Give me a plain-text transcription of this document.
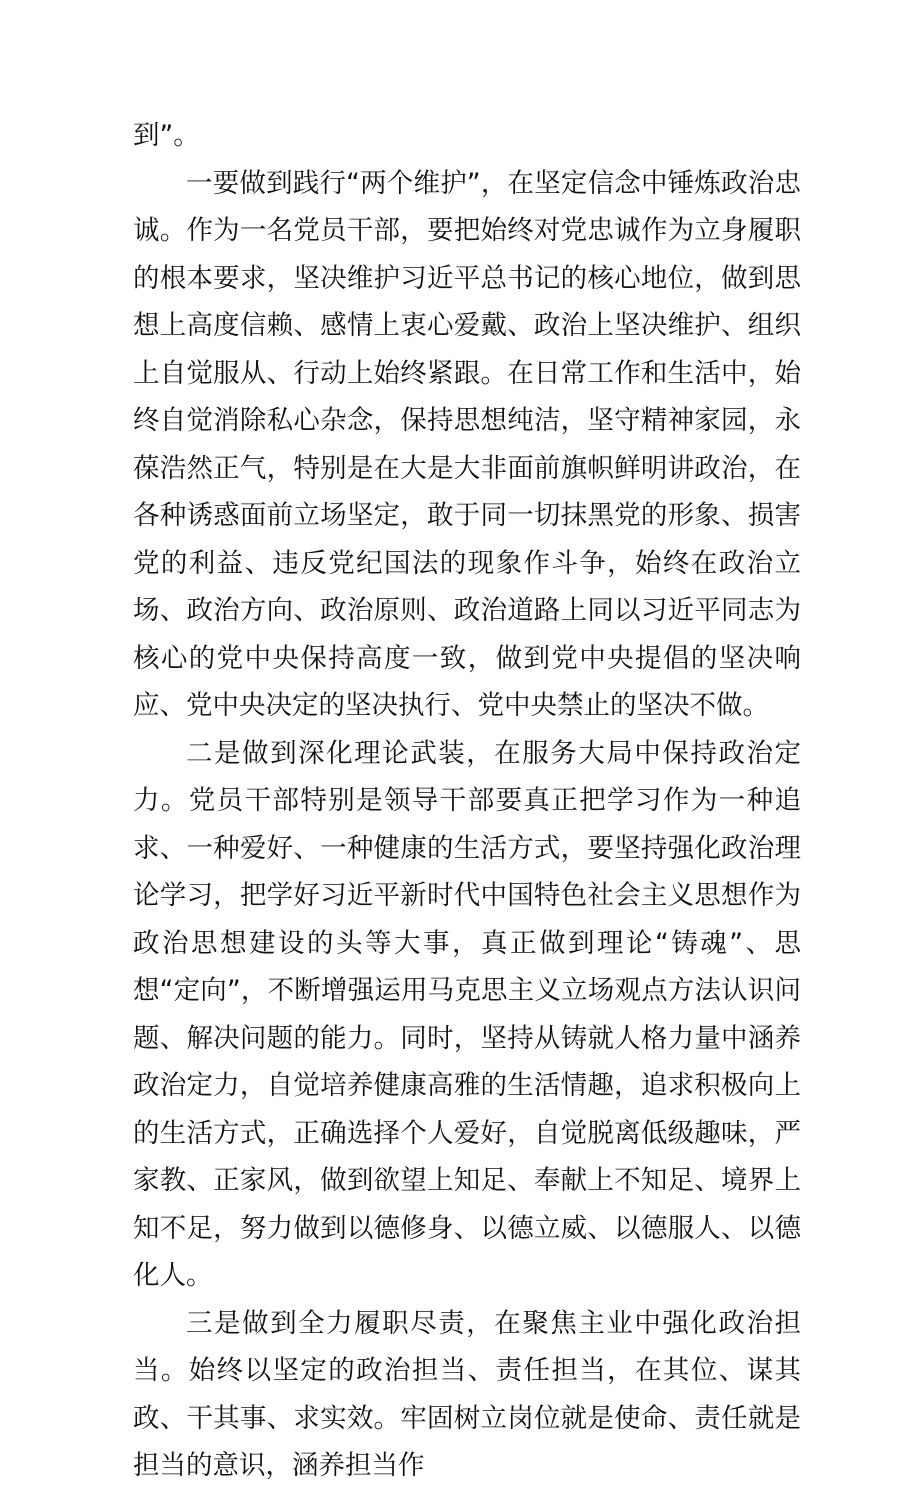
到”。

一要做到践行“两个维护”，在坚定信念中锤炼政治忠诚。作为一名党员干部，要把始终对党忠诚作为立身履职的根本要求，坚决维护习近平总书记的核心地位，做到思想上高度信赖、感情上衷心爱戴、政治上坚决维护、组织上自觉服从、行动上始终紧跟。在日常工作和生活中，始终自觉消除私心杂念，保持思想纯洁，坚守精神家园，永葆浩然正气，特别是在大是大非面前旗帜鲜明讲政治，在各种诱惑面前立场坚定，敢于同一切抹黑党的形象、损害党的利益、违反党纪国法的现象作斗争，始终在政治立场、政治方向、政治原则、政治道路上同以习近平同志为核心的党中央保持高度一致，做到党中央提倡的坚决响应、党中央决定的坚决执行、党中央禁止的坚决不做。

二是做到深化理论武装，在服务大局中保持政治定力。党员干部特别是领导干部要真正把学习作为一种追求、一种爱好、一种健康的生活方式，要坚持强化政治理论学习，把学好习近平新时代中国特色社会主义思想作为政治思想建设的头等大事，真正做到理论“铸魂”、思想“定向”，不断增强运用马克思主义立场观点方法认识问题、解决问题的能力。同时，坚持从铸就人格力量中涵养政治定力，自觉培养健康高雅的生活情趣，追求积极向上的生活方式，正确选择个人爱好，自觉脱离低级趣味，严家教、正家风，做到欲望上知足、奉献上不知足、境界上知不足，努力做到以德修身、以德立威、以德服人、以德化人。

三是做到全力履职尽责，在聚焦主业中强化政治担当。始终以坚定的政治担当、责任担当，在其位、谋其政、干其事、求实效。牢固树立岗位就是使命、责任就是担当的意识，涵养担当作
